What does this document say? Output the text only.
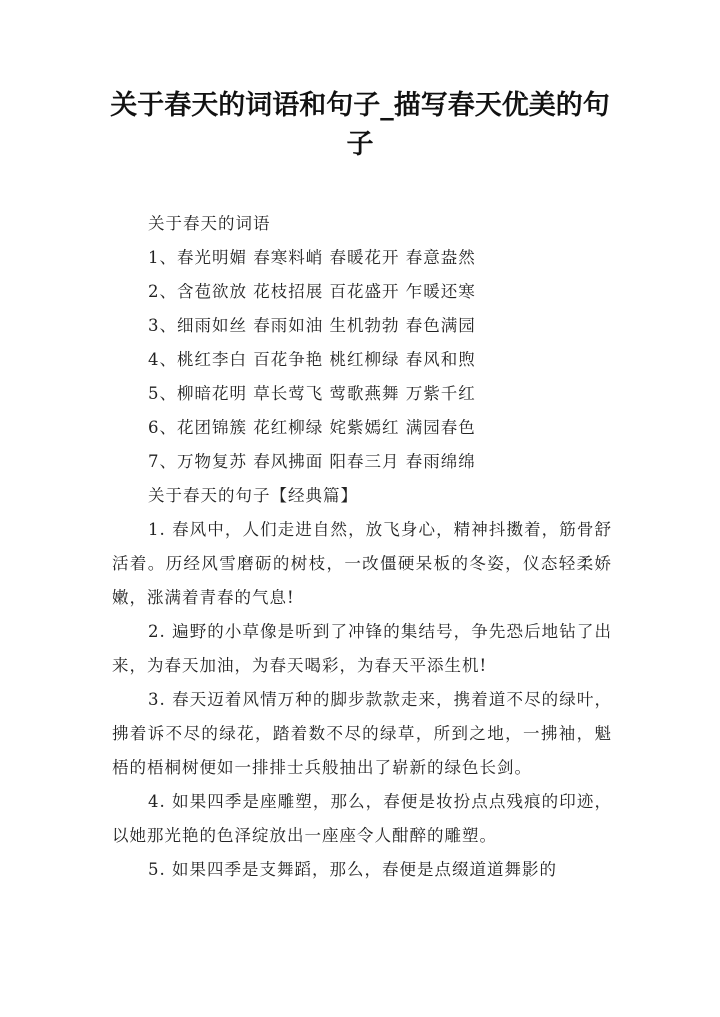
关于春天的词语和句子_描写春天优美的句子

关于春天的词语

1、春光明媚 春寒料峭 春暖花开 春意盎然

2、含苞欲放 花枝招展 百花盛开 乍暖还寒

3、细雨如丝 春雨如油 生机勃勃 春色满园

4、桃红李白 百花争艳 桃红柳绿 春风和煦

5、柳暗花明 草长莺飞 莺歌燕舞 万紫千红

6、花团锦簇 花红柳绿 姹紫嫣红 满园春色

7、万物复苏 春风拂面 阳春三月 春雨绵绵

关于春天的句子【经典篇】

1. 春风中，人们走进自然，放飞身心，精神抖擞着，筋骨舒活着。历经风雪磨砺的树枝，一改僵硬呆板的冬姿，仪态轻柔娇嫩，涨满着青春的气息!

2. 遍野的小草像是听到了冲锋的集结号，争先恐后地钻了出来，为春天加油，为春天喝彩，为春天平添生机!

3. 春天迈着风情万种的脚步款款走来，携着道不尽的绿叶，拂着诉不尽的绿花，踏着数不尽的绿草，所到之地，一拂袖，魁梧的梧桐树便如一排排士兵般抽出了崭新的绿色长剑。

4. 如果四季是座雕塑，那么，春便是妆扮点点残痕的印迹，以她那光艳的色泽绽放出一座座令人酣醉的雕塑。

5. 如果四季是支舞蹈，那么，春便是点缀道道舞影的
